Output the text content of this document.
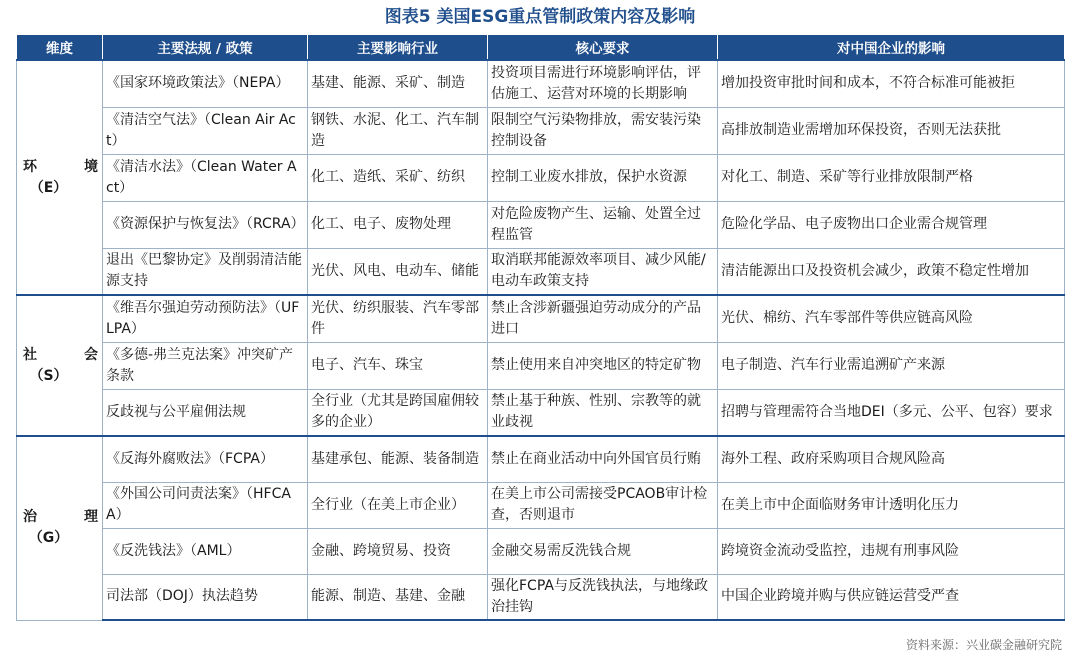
图表5 美国ESG重点管制政策内容及影响
维度	主要法规 / 政策	主要影响行业	核心要求	对中国企业的影响

环 境
（E）	《国家环境政策法》（NEPA）	基建、能源、采矿、制造	投资项目需进行环境影响评估，评估施工、运营对环境的长期影响	增加投资审批时间和成本，不符合标准可能被拒
	《清洁空气法》（Clean Air Act）	钢铁、水泥、化工、汽车制造	限制空气污染物排放，需安装污染控制设备	高排放制造业需增加环保投资，否则无法获批
	《清洁水法》（Clean Water Act）	化工、造纸、采矿、纺织	控制工业废水排放，保护水资源	对化工、制造、采矿等行业排放限制严格
	《资源保护与恢复法》（RCRA）	化工、电子、废物处理	对危险废物产生、运输、处置全过程监管	危险化学品、电子废物出口企业需合规管理
	退出《巴黎协定》及削弱清洁能源支持	光伏、风电、电动车、储能	取消联邦能源效率项目、减少风能/电动车政策支持	清洁能源出口及投资机会减少，政策不稳定性增加

社 会
（S）	《维吾尔强迫劳动预防法》（UFLPA）	光伏、纺织服装、汽车零部件	禁止含涉新疆强迫劳动成分的产品进口	光伏、棉纺、汽车零部件等供应链高风险
	《多德-弗兰克法案》冲突矿产条款	电子、汽车、珠宝	禁止使用来自冲突地区的特定矿物	电子制造、汽车行业需追溯矿产来源
	反歧视与公平雇佣法规	全行业（尤其是跨国雇佣较多的企业）	禁止基于种族、性别、宗教等的就业歧视	招聘与管理需符合当地DEI（多元、公平、包容）要求

治 理
（G）	《反海外腐败法》（FCPA）	基建承包、能源、装备制造	禁止在商业活动中向外国官员行贿	海外工程、政府采购项目合规风险高
	《外国公司问责法案》（HFCAA）	全行业（在美上市企业）	在美上市公司需接受PCAOB审计检查，否则退市	在美上市中企面临财务审计透明化压力
	《反洗钱法》（AML）	金融、跨境贸易、投资	金融交易需反洗钱合规	跨境资金流动受监控，违规有刑事风险
	司法部（DOJ）执法趋势	能源、制造、基建、金融	强化FCPA与反洗钱执法，与地缘政治挂钩	中国企业跨境并购与供应链运营受严查
资料来源：兴业碳金融研究院
